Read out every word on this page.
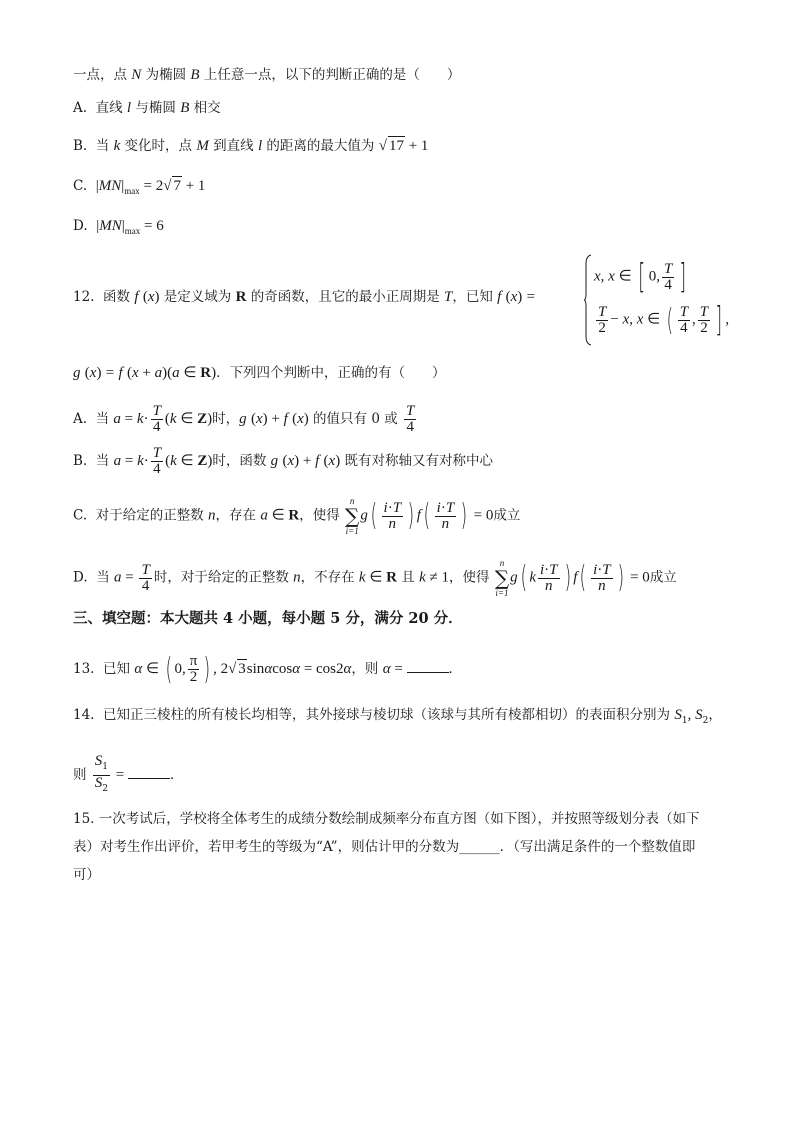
一点，点 N 为椭圆 B 上任意一点，以下的判断正确的是（　　）
A.  直线 l 与椭圆 B 相交
B.  当 k 变化时，点 M 到直线 l 的距离的最大值为 √ 17 + 1
C.  $|MN|_{max} = 2√$ 7 + 1
D.  $|MN|_{max} = 6$
12.  函数 f (x) 是定义域为 R 的奇函数，且它的最小正周期是 T，已知 f (x) =
x, x ∈ [ 0, $\frac{T}{4}$ ]
$\frac{T}{2} - x$, x ∈ ( $\frac{T}{4}$ , $\frac{T}{2}$ ] ,
g (x) = f (x + a)(a ∈ R)．下列四个判断中，正确的有（　　）
A.  当 $a = k\cdot \frac{T}{4} (k$ ∈ Z)时，g (x) + f (x) 的值只有 0 或 $\frac{T}{4}$
B.  当 $a = k\cdot \frac{T}{4} (k$ ∈ Z)时，函数 g (x) + f (x) 既有对称轴又有对称中心
C.  对于给定的正整数 n，存在 a ∈ R，使得
n
∑
i=1
$g( \frac{i\cdot T}{n}$ ) $f( \frac{i\cdot T}{n}$ ) = 0成立
D.  当 $a = \frac{T}{4}$ 时，对于给定的正整数 n，不存在 k ∈ R 且 k ≠ 1，使得
n
∑
i=1
g( k $\frac{i\cdot T}{n}$ ) $f( \frac{i\cdot T}{n}$ ) = 0成立
三、填空题：本大题共 4 小题，每小题 5 分，满分 20 分．
13.  已知 α ∈ ( 0, $\frac{\pi}{2}$ ) , 2√ 3sinαcosα = cos2α，则 α =	．
14.  已知正三棱柱的所有棱长均相等，其外接球与棱切球（该球与其所有棱都相切）的表面积分别为 $S_1$, $S_2$，
则 $\frac{S_1}{S_2}$ =	．
15. 一次考试后，学校将全体考生的成绩分数绘制成频率分布直方图（如下图），并按照等级划分表（如下
表）对考生作出评价，若甲考生的等级为“A”，则估计甲的分数为______．（写出满足条件的一个整数值即
可）
